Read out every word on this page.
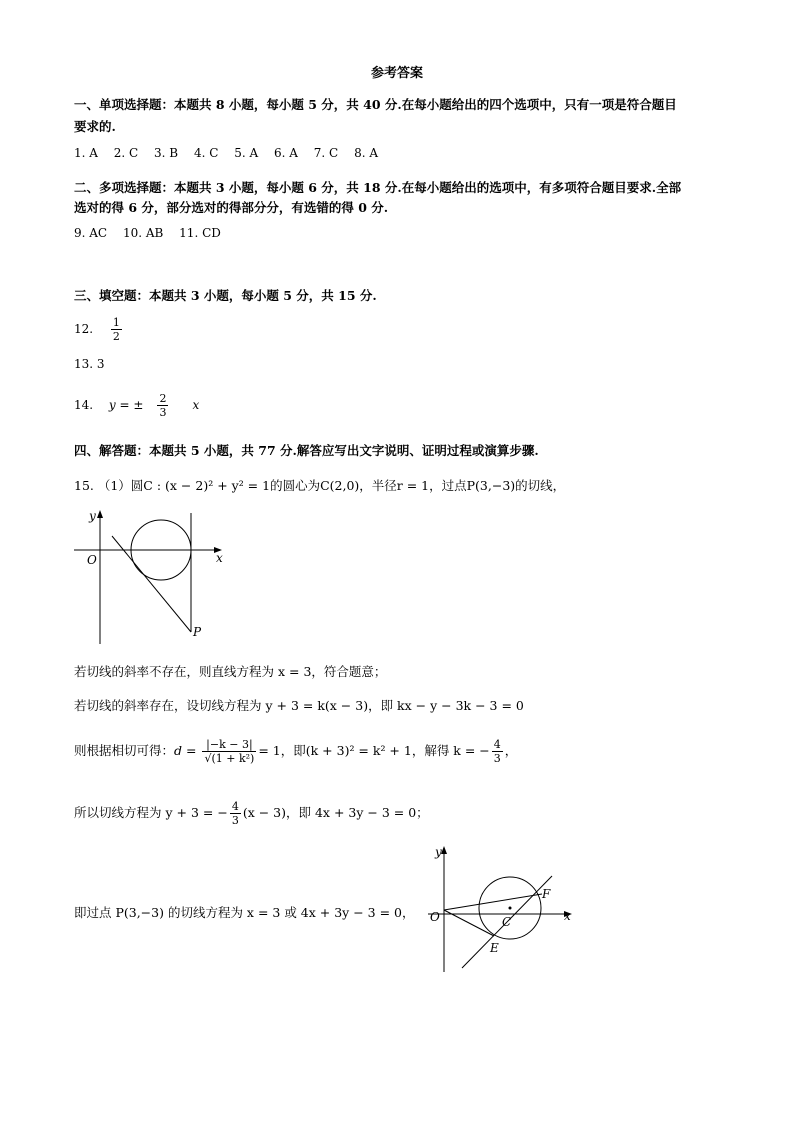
参考答案
一、单项选择题：本题共 8 小题，每小题 5 分，共 40 分.在每小题给出的四个选项中，只有一项是符合题目
要求的.
1. A 2. C 3. B 4. C 5. A 6. A 7. C 8. A
二、多项选择题：本题共 3 小题，每小题 6 分，共 18 分.在每小题给出的选项中，有多项符合题目要求.全部
选对的得 6 分，部分选对的得部分分，有选错的得 0 分.
9. AC 10. AB 11. CD
三、填空题：本题共 3 小题，每小题 5 分，共 15 分.
12. $\frac{1}{2}$
13. 3
14. y = ± $\frac{2}{3}$ x
四、解答题：本题共 5 小题，共 77 分.解答应写出文字说明、证明过程或演算步骤.
15. （1）圆C : (x − 2)² + y² = 1的圆心为C(2,0)，半径r = 1，过点P(3,−3)的切线，
y
x
O
P
若切线的斜率不存在，则直线方程为 x = 3，符合题意；
若切线的斜率存在，设切线方程为 y + 3 = k(x − 3)，即 kx − y − 3k − 3 = 0
则根据相切可得：$d = \frac{|-k - 3|}{\text{√(1 + k²)}} = 1$，即(k + 3)² = k² + 1，解得 k = − $\frac{4}{3}$ ，
所以切线方程为 y + 3 = − $\frac{4}{3} (x - 3)$，即 4x + 3y − 3 = 0；
即过点 P(3,−3) 的切线方程为 x = 3 或 4x + 3y − 3 = 0，
y
x
O	C
E
F
